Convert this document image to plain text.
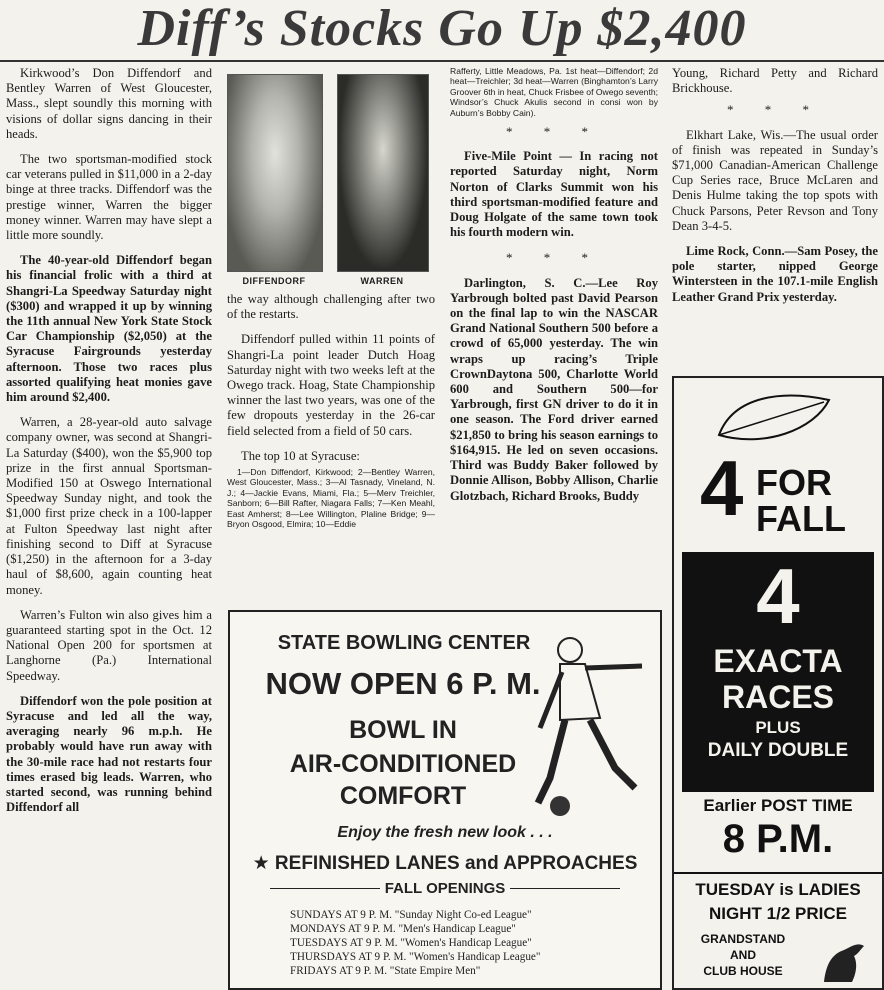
Diff’s Stocks Go Up $2,400

Kirkwood’s Don Diffendorf and Bentley Warren of West Gloucester, Mass., slept soundly this morning with visions of dollar signs dancing in their heads.

The two sportsman-modified stock car veterans pulled in $11,000 in a 2-day binge at three tracks. Diffendorf was the prestige winner, Warren the bigger money winner. Warren may have slept a little more soundly.

The 40-year-old Diffendorf began his financial frolic with a third at Shangri-La Speedway Saturday night ($300) and wrapped it up by winning the 11th annual New York State Stock Car Championship ($2,050) at the Syracuse Fairgrounds yesterday afternoon. Those two races plus assorted qualifying heat monies gave him around $2,400.

Warren, a 28-year-old auto salvage company owner, was second at Shangri-La Saturday ($400), won the $5,900 top prize in the first annual Sportsman-Modified 150 at Oswego International Speedway Sunday night, and took the $1,000 first prize check in a 100-lapper at Fulton Speedway last night after finishing second to Diff at Syracuse ($1,250) in the afternoon for a 3-day haul of $8,600, again counting heat money.

Warren’s Fulton win also gives him a guaranteed starting spot in the Oct. 12 National Open 200 for sportsmen at Langhorne (Pa.) International Speedway.

Diffendorf won the pole position at Syracuse and led all the way, averaging nearly 96 m.p.h. He probably would have run away with the 30-mile race had not restarts four times erased big leads. Warren, who started second, was running behind Diffendorf all

DIFFENDORF	WARREN

the way although challenging after two of the restarts.

Diffendorf pulled within 11 points of Shangri-La point leader Dutch Hoag Saturday night with two weeks left at the Owego track. Hoag, State Championship winner the last two years, was one of the few dropouts yesterday in the 26-car field selected from a field of 50 cars.

The top 10 at Syracuse:

1—Don Diffendorf, Kirkwood; 2—Bentley Warren, West Gloucester, Mass.; 3—Al Tasnady, Vineland, N. J.; 4—Jackie Evans, Miami, Fla.; 5—Merv Treichler, Sanborn; 6—Bill Rafter, Niagara Falls; 7—Ken Meahl, East Amherst; 8—Lee Willington, Plaline Bridge; 9—Bryon Osgood, Elmira; 10—Eddie
Rafferty, Little Meadows, Pa. 1st heat—Diffendorf; 2d heat—Treichler; 3d heat—Warren (Binghamton’s Larry Groover 6th in heat, Chuck Frisbee of Owego seventh; Windsor’s Chuck Akulis second in consi won by Auburn’s Bobby Cain).
* * *

Five-Mile Point — In racing not reported Saturday night, Norm Norton of Clarks Summit won his third sportsman-modified feature and Doug Holgate of the same town took his fourth modern win.

* * *

Darlington, S. C.—Lee Roy Yarbrough bolted past David Pearson on the final lap to win the NASCAR Grand National Southern 500 before a crowd of 65,000 yesterday. The win wraps up racing’s Triple CrownDaytona 500, Charlotte World 600 and Southern 500—for Yarbrough, first GN driver to do it in one season. The Ford driver earned $21,850 to bring his season earnings to $164,915. He led on seven occasions. Third was Buddy Baker followed by Donnie Allison, Bobby Allison, Charlie Glotzbach, Richard Brooks, Buddy

Young, Richard Petty and Richard Brickhouse.

* * *

Elkhart Lake, Wis.—The usual order of finish was repeated in Sunday’s $71,000 Canadian-American Challenge Cup Series race, Bruce McLaren and Denis Hulme taking the top spots with Chuck Parsons, Peter Revson and Tony Dean 3-4-5.

Lime Rock, Conn.—Sam Posey, the pole starter, nipped George Wintersteen in the 107.1-mile English Leather Grand Prix yesterday.

STATE BOWLING CENTER
NOW OPEN 6 P. M.
BOWL IN
AIR-CONDITIONED
COMFORT
Enjoy the fresh new look . . .
★ REFINISHED LANES and APPROACHES
FALL OPENINGS
SUNDAYS AT 9 P. M. "Sunday Night Co-ed League"
MONDAYS AT 9 P. M. "Men's Handicap League"
TUESDAYS AT 9 P. M. "Women's Handicap League"
THURSDAYS AT 9 P. M. "Women's Handicap League"
FRIDAYS AT 9 P. M. "State Empire Men"
4 FOR
FALL
4
EXACTA
RACES
PLUS
DAILY DOUBLE
Earlier POST TIME
8 P.M.
TUESDAY is LADIES
NIGHT 1/2 PRICE
GRANDSTAND
AND
CLUB HOUSE
